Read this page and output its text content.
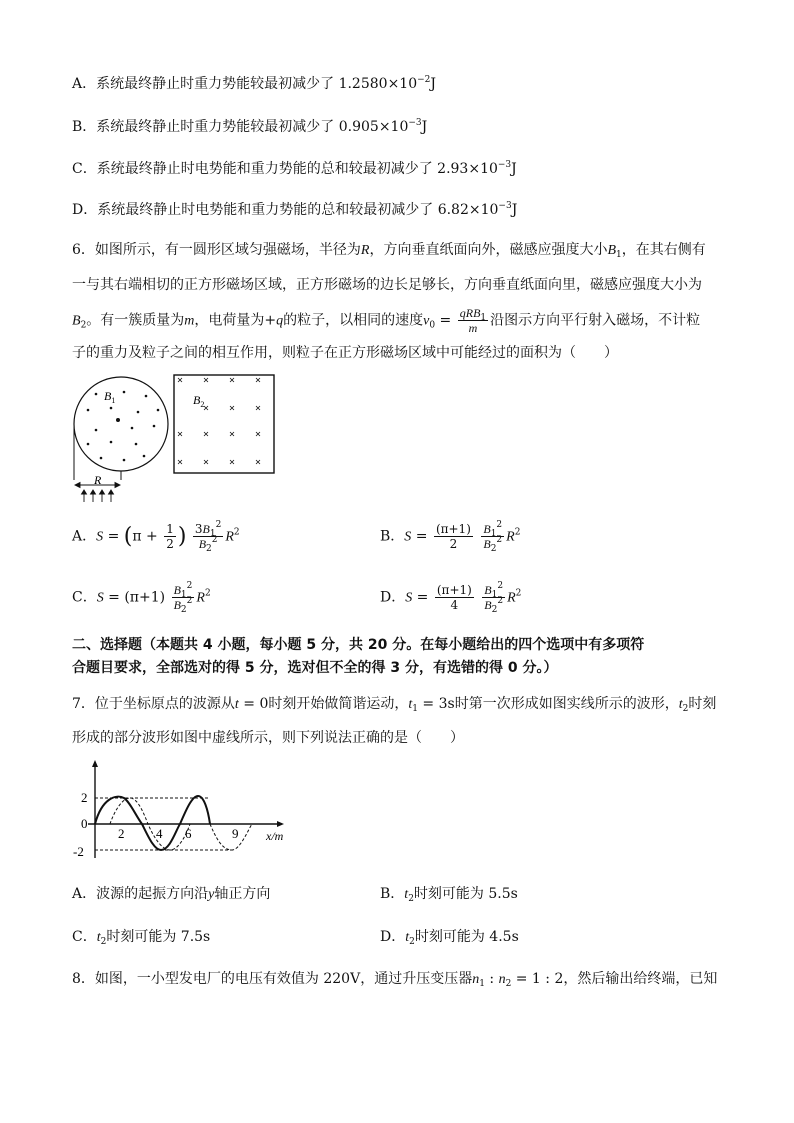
A．系统最终静止时重力势能较最初减少了 $1.2580\times 10^{-2}J$
B．系统最终静止时重力势能较最初减少了 $0.905\times 10^{-3}J$
C．系统最终静止时电势能和重力势能的总和较最初减少了 $2.93\times 10^{-3}J$
D．系统最终静止时电势能和重力势能的总和较最初减少了 $6.82\times 10^{-3}J$
6．如图所示，有一圆形区域匀强磁场，半径为R，方向垂直纸面向外，磁感应强度大小$B_1$，在其右侧有
一与其右端相切的正方形磁场区域，正方形磁场的边长足够长，方向垂直纸面向里，磁感应强度大小为
$B_2$。有一簇质量为m，电荷量为+q的粒子，以相同的速度$v_0 = \frac{qRB_1}{m}$ 沿图示方向平行射入磁场，不计粒
子的重力及粒子之间的相互作用，则粒子在正方形磁场区域中可能经过的面积为（　　）
$B_1$	$B_2$
R
A．$S = (\pi + \frac{1}{2}$ ) $\frac{3B_1^2}{B_2^2} R^2$	B．$S = \frac{(\pi+1)}{2}$
$\frac{B_1^2}{B_2^2} R^2$
C．$S = (\pi+1) \frac{B_1^2}{B_2^2} R^2$	D．$S = \frac{(\pi+1)}{4}$
$\frac{B_1^2}{B_2^2} R^2$
二、选择题（本题共 4 小题，每小题 5 分，共 20 分。在每小题给出的四个选项中有多项符
合题目要求，全部选对的得 5 分，选对但不全的得 3 分，有选错的得 0 分。）
7．位于坐标原点的波源从t = 0时刻开始做简谐运动，$t_1 = 3s$时第一次形成如图实线所示的波形，$t_2$时刻
形成的部分波形如图中虚线所示，则下列说法正确的是（　　）
2
0
-2
2 4 6	9 x/m
A．波源的起振方向沿y轴正方向	B．$t_2$时刻可能为 5.5s
C．$t_2$时刻可能为 7.5s	D．$t_2$时刻可能为 4.5s
8．如图，一小型发电厂的电压有效值为 220V，通过升压变压器$n_1$ : $n_2 = 1$ : 2，然后输出给终端，已知
